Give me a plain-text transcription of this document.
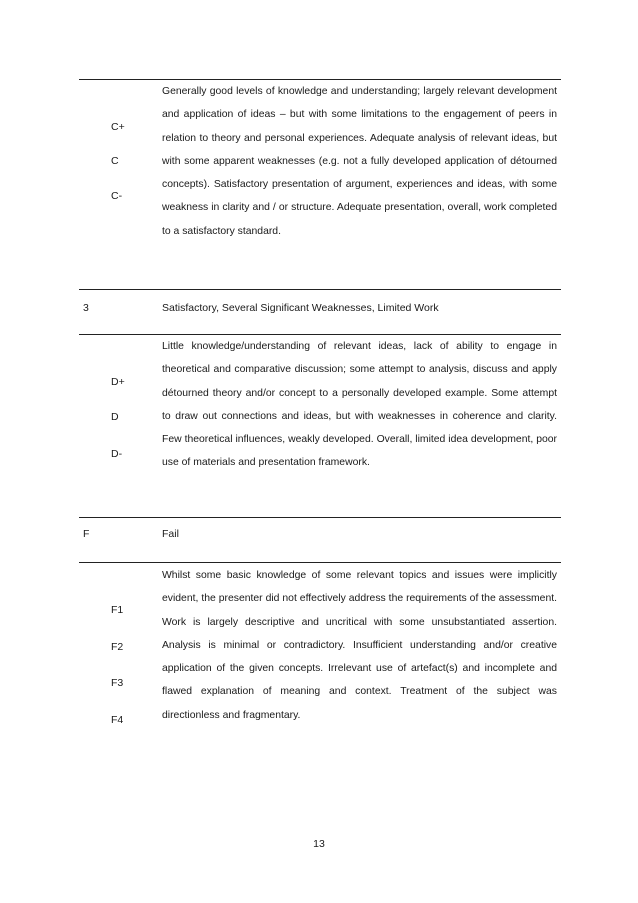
C+
C
C-
Generally good levels of knowledge and understanding; largely relevant development and application of ideas – but with some limitations to the engagement of peers in relation to theory and personal experiences. Adequate analysis of relevant ideas, but with some apparent weaknesses (e.g. not a fully developed application of détourned concepts). Satisfactory presentation of argument, experiences and ideas, with some weakness in clarity and / or structure. Adequate presentation, overall, work completed to a satisfactory standard.
3	Satisfactory, Several Significant Weaknesses, Limited Work
D+
D
D-
Little knowledge/understanding of relevant ideas, lack of ability to engage in theoretical and comparative discussion; some attempt to analysis, discuss and apply détourned theory and/or concept to a personally developed example. Some attempt to draw out connections and ideas, but with weaknesses in coherence and clarity. Few theoretical influences, weakly developed. Overall, limited idea development, poor use of materials and presentation framework.
F	Fail
F1
F2
F3
F4
Whilst some basic knowledge of some relevant topics and issues were implicitly evident, the presenter did not effectively address the requirements of the assessment. Work is largely descriptive and uncritical with some unsubstantiated assertion. Analysis is minimal or contradictory. Insufficient understanding and/or creative application of the given concepts. Irrelevant use of artefact(s) and incomplete and flawed explanation of meaning and context. Treatment of the subject was directionless and fragmentary.
13
